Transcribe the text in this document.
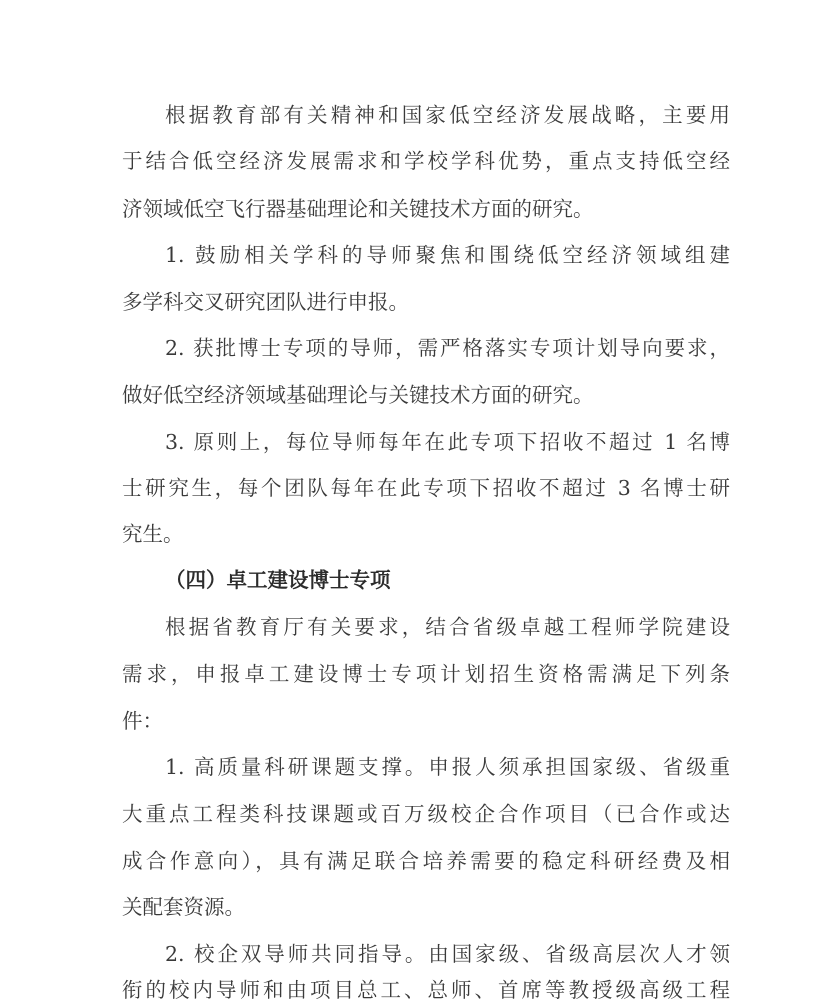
根据教育部有关精神和国家低空经济发展战略，主要用
于结合低空经济发展需求和学校学科优势，重点支持低空经
济领域低空飞行器基础理论和关键技术方面的研究。
1. 鼓励相关学科的导师聚焦和围绕低空经济领域组建
多学科交叉研究团队进行申报。
2. 获批博士专项的导师，需严格落实专项计划导向要求，
做好低空经济领域基础理论与关键技术方面的研究。
3. 原则上，每位导师每年在此专项下招收不超过 1 名博
士研究生，每个团队每年在此专项下招收不超过 3 名博士研
究生。
（四）卓工建设博士专项
根据省教育厅有关要求，结合省级卓越工程师学院建设
需求，申报卓工建设博士专项计划招生资格需满足下列条
件：
1. 高质量科研课题支撑。申报人须承担国家级、省级重
大重点工程类科技课题或百万级校企合作项目（已合作或达
成合作意向），具有满足联合培养需要的稳定科研经费及相
关配套资源。
2. 校企双导师共同指导。由国家级、省级高层次人才领
衔的校内导师和由项目总工、总师、首席等教授级高级工程
